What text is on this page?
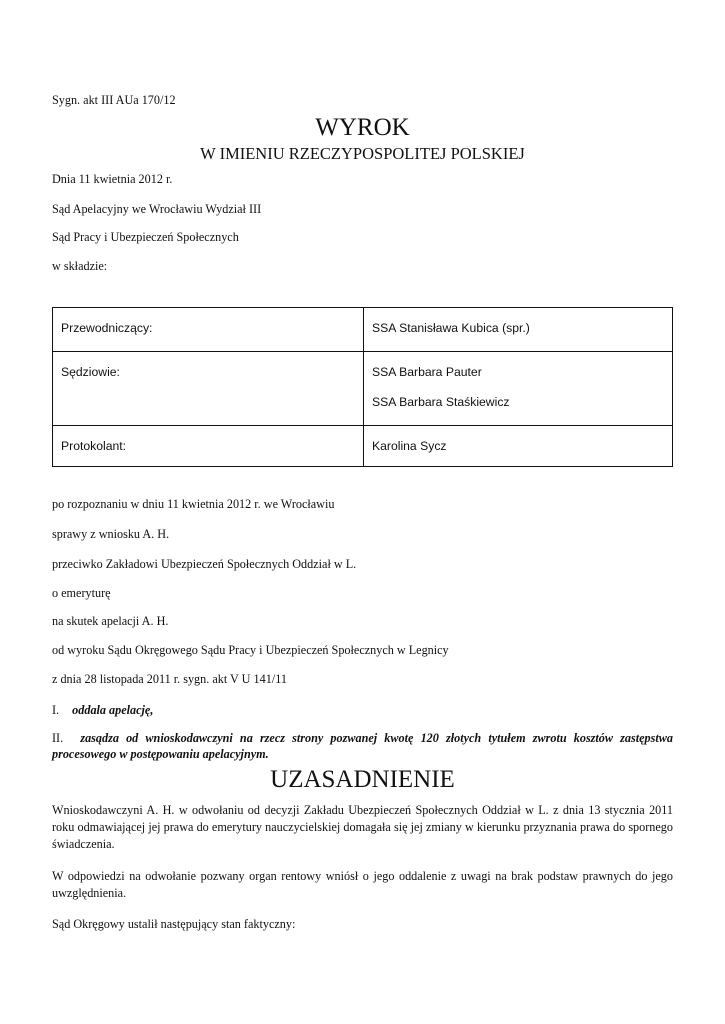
Sygn. akt III AUa 170/12
WYROK
W IMIENIU RZECZYPOSPOLITEJ POLSKIEJ
Dnia 11 kwietnia 2012 r.
Sąd Apelacyjny we Wrocławiu Wydział III
Sąd Pracy i Ubezpieczeń Społecznych
w składzie:
Przewodniczący:	SSA Stanisława Kubica (spr.)

Sędziowie:	SSA Barbara Pauter
SSA Barbara Staśkiewicz

Protokolant:	Karolina Sycz
po rozpoznaniu w dniu 11 kwietnia 2012 r. we Wrocławiu
sprawy z wniosku A. H.
przeciwko Zakładowi Ubezpieczeń Społecznych Oddział w L.
o emeryturę
na skutek apelacji A. H.
od wyroku Sądu Okręgowego Sądu Pracy i Ubezpieczeń Społecznych w Legnicy
z dnia 28 listopada 2011 r. sygn. akt V U 141/11
I. oddala apelację,
II. zasądza od wnioskodawczyni na rzecz strony pozwanej kwotę 120 złotych tytułem zwrotu kosztów zastępstwa procesowego w postępowaniu apelacyjnym.
UZASADNIENIE
Wnioskodawczyni A. H. w odwołaniu od decyzji Zakładu Ubezpieczeń Społecznych Oddział w L. z dnia 13 stycznia 2011 roku odmawiającej jej prawa do emerytury nauczycielskiej domagała się jej zmiany w kierunku przyznania prawa do spornego świadczenia.
W odpowiedzi na odwołanie pozwany organ rentowy wniósł o jego oddalenie z uwagi na brak podstaw prawnych do jego uwzględnienia.
Sąd Okręgowy ustalił następujący stan faktyczny:
